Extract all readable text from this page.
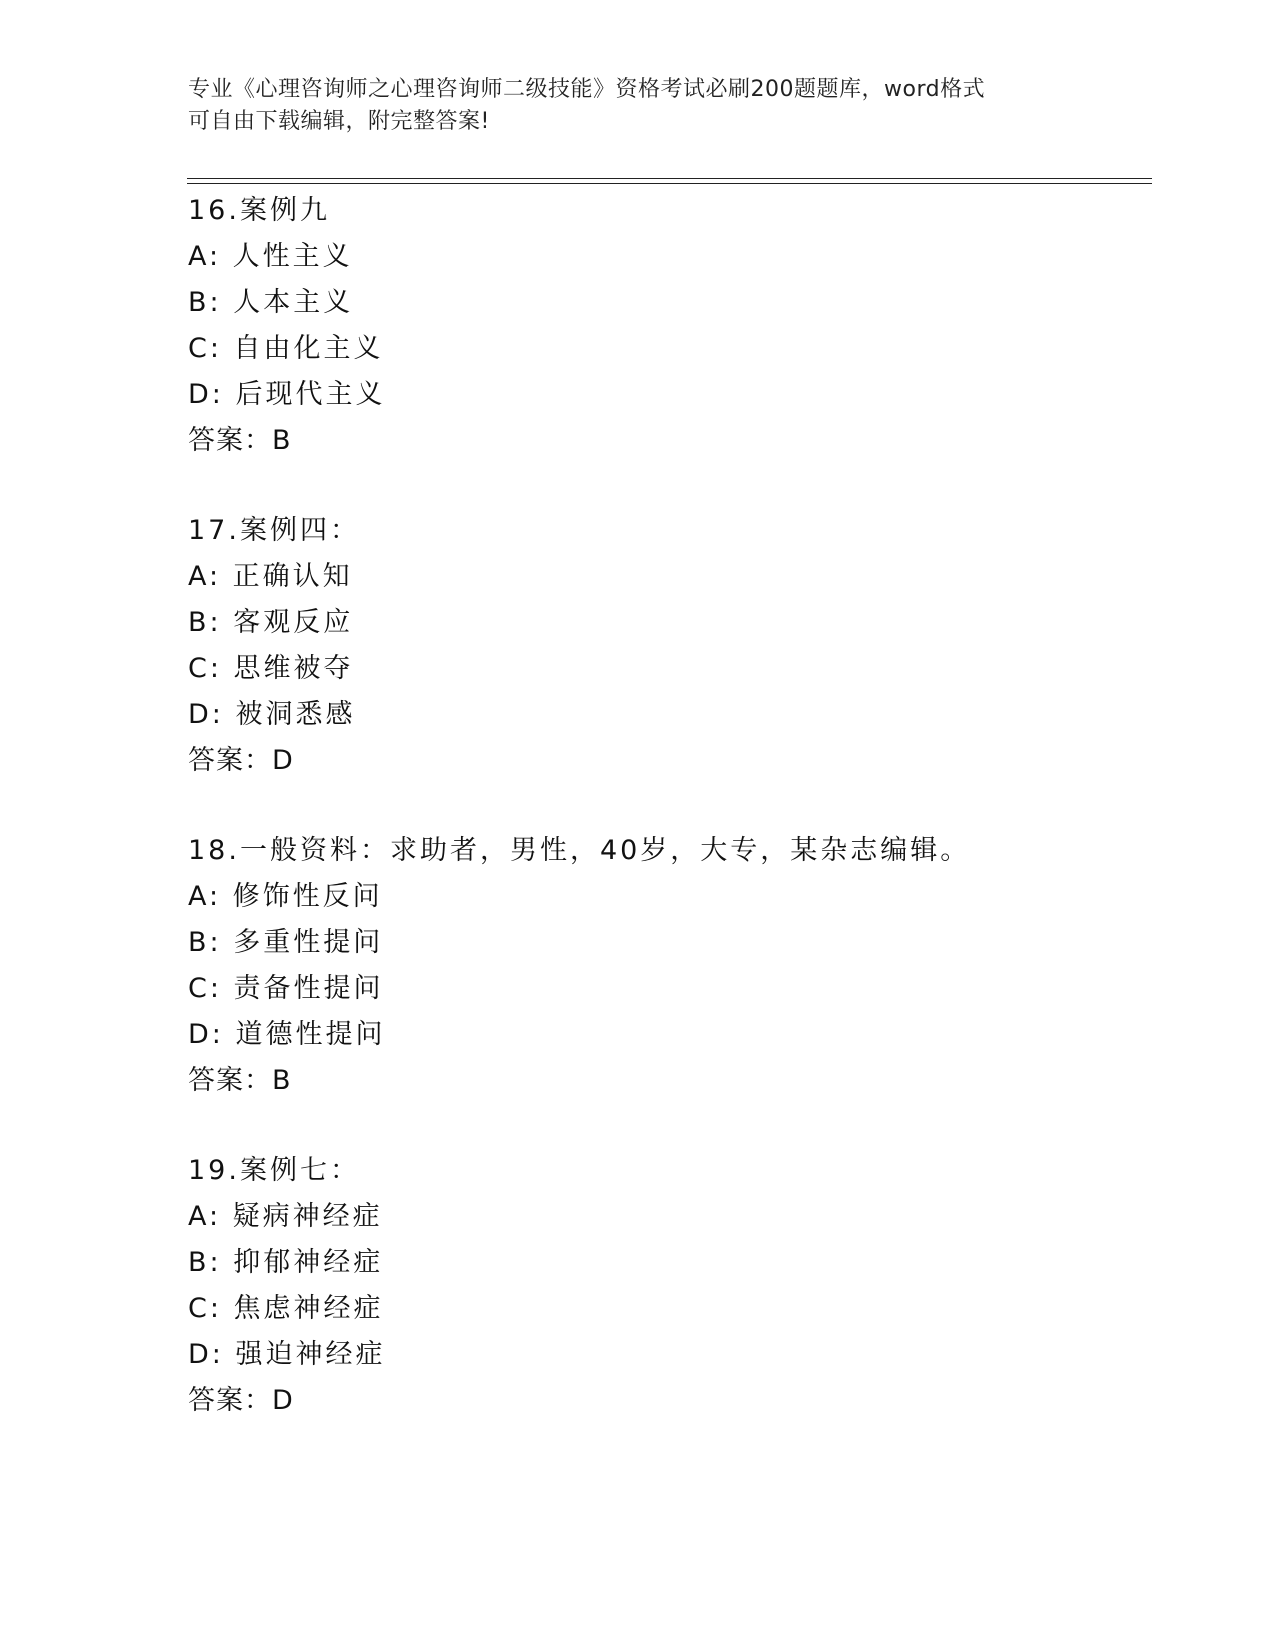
专业《心理咨询师之心理咨询师二级技能》资格考试必刷200题题库，word格式
可自由下载编辑，附完整答案!
16.案例九
A: 人性主义
B: 人本主义
C: 自由化主义
D: 后现代主义
答案：B
17.案例四：
A: 正确认知
B: 客观反应
C: 思维被夺
D: 被洞悉感
答案：D
18.一般资料：求助者，男性，40岁，大专，某杂志编辑。
A: 修饰性反问
B: 多重性提问
C: 责备性提问
D: 道德性提问
答案：B
19.案例七：
A: 疑病神经症
B: 抑郁神经症
C: 焦虑神经症
D: 强迫神经症
答案：D
